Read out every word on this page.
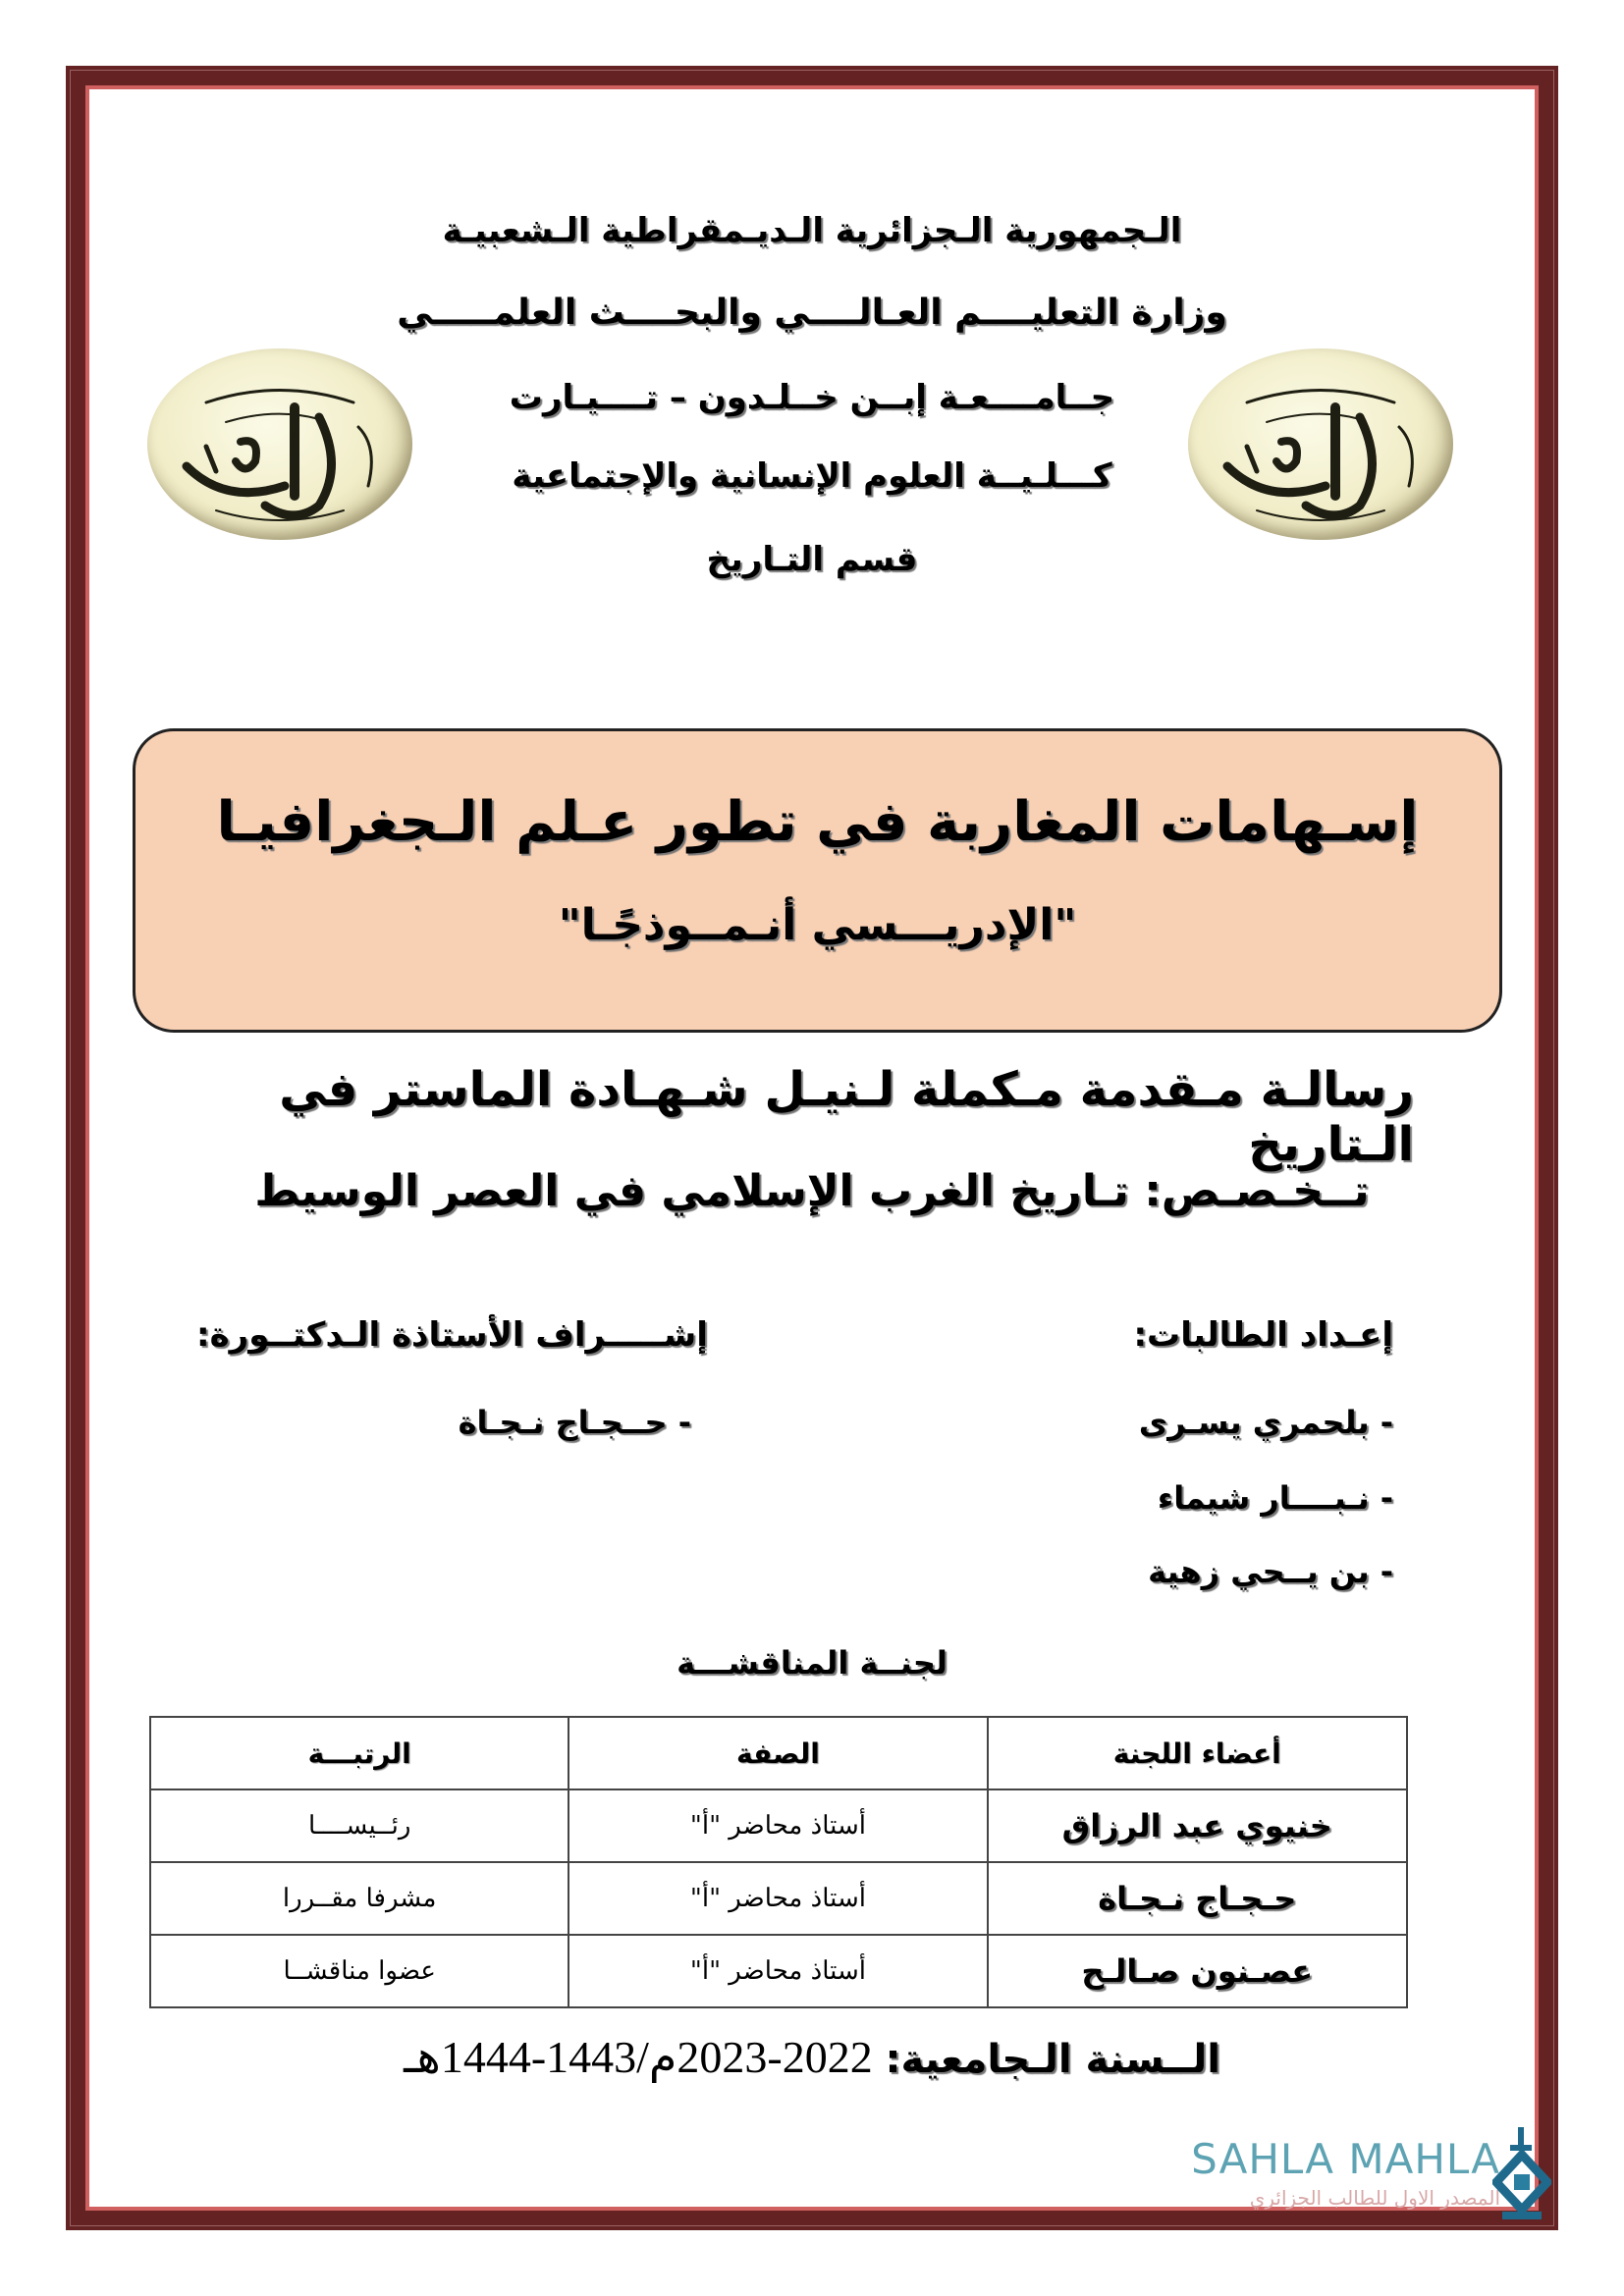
الـجمهورية الـجزائرية الـديـمقراطية الـشعبيـة
وزارة التعليــــم العـالــــي والبحــــث العلمـــــي
جــامــــعـة إبــن خــلـدون – تــــيـارت
كـــلـيــة العلوم الإنسانية والإجتماعية
قسم التـاريخ
إسـهامات المغاربة في تطور عـلم الـجغرافيـا
"الإدريـــسي أنـمــوذجًـا"
رسالـة مـقدمة مـكملة لـنيـل شـهـادة الماستر في الـتاريخ
تــخـصـص: تـاريخ الغرب الإسلامي في العصر الوسيط
إعـداد الطالبات:
إشـــــراف الأستاذة الـدكتــورة:
- بلحمري يسـرى
- نـبــــار شيماء
- بن يــحي زهية
- حــجـاج نـجـاة
لجنــة المناقشـــة
أعضاء اللجنة	الصفة	الرتبـــة
خنيوي عبد الرزاق	أستاذ محاضر "أ"	رئــيســــا
حـجـاج نـجـاة	أستاذ محاضر "أ"	مشرفا مقــررا
عصـنون صـالـح	أستاذ محاضر "أ"	عضوا مناقشــا
الــسنة الـجامعية: 2022-2023م/1443-1444هـ
SAHLA MAHLA
المصدر الاول للطالب الجزائري
